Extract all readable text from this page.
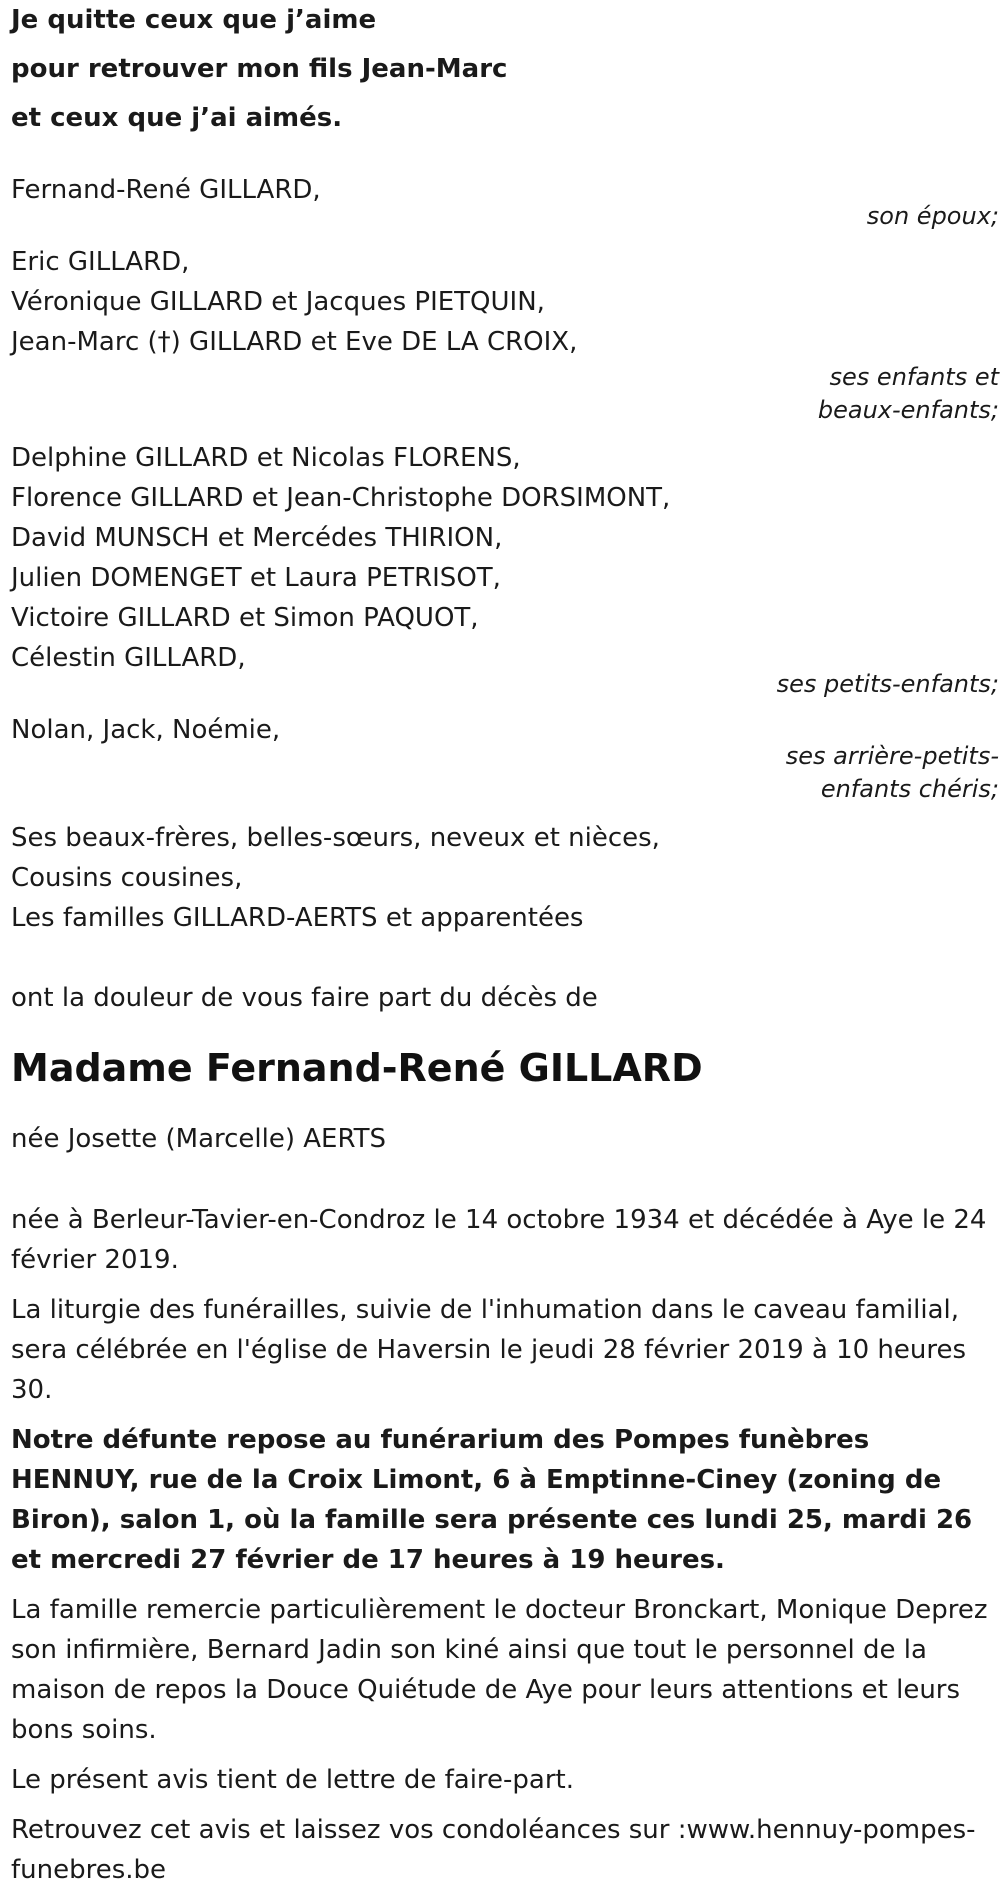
Je quitte ceux que j’aime
pour retrouver mon fils Jean-Marc
et ceux que j’ai aimés.
Fernand-René GILLARD,
son époux;
Eric GILLARD,
Véronique GILLARD et Jacques PIETQUIN,
Jean-Marc (†) GILLARD et Eve DE LA CROIX,
ses enfants et
beaux-enfants;
Delphine GILLARD et Nicolas FLORENS,
Florence GILLARD et Jean-Christophe DORSIMONT,
David MUNSCH et Mercédes THIRION,
Julien DOMENGET et Laura PETRISOT,
Victoire GILLARD et Simon PAQUOT,
Célestin GILLARD,
ses petits-enfants;
Nolan, Jack, Noémie,
ses arrière-petits-
enfants chéris;
Ses beaux-frères, belles-sœurs, neveux et nièces,
Cousins cousines,
Les familles GILLARD-AERTS et apparentées
ont la douleur de vous faire part du décès de
Madame Fernand-René GILLARD
née Josette (Marcelle) AERTS

née à Berleur-Tavier-en-Condroz le 14 octobre 1934 et décédée à Aye le 24 février 2019.

La liturgie des funérailles, suivie de l'inhumation dans le caveau familial, sera célébrée en l'église de Haversin le jeudi 28 février 2019 à 10 heures 30.

Notre défunte repose au funérarium des Pompes funèbres HENNUY, rue de la Croix Limont, 6 à Emptinne-Ciney (zoning de Biron), salon 1, où la famille sera présente ces lundi 25, mardi 26 et mercredi 27 février de 17 heures à 19 heures.

La famille remercie particulièrement le docteur Bronckart, Monique Deprez son infirmière, Bernard Jadin son kiné ainsi que tout le personnel de la maison de repos la Douce Quiétude de Aye pour leurs attentions et leurs bons soins.

Le présent avis tient de lettre de faire-part.

Retrouvez cet avis et laissez vos condoléances sur :www.hennuy-pompes-funebres.be
